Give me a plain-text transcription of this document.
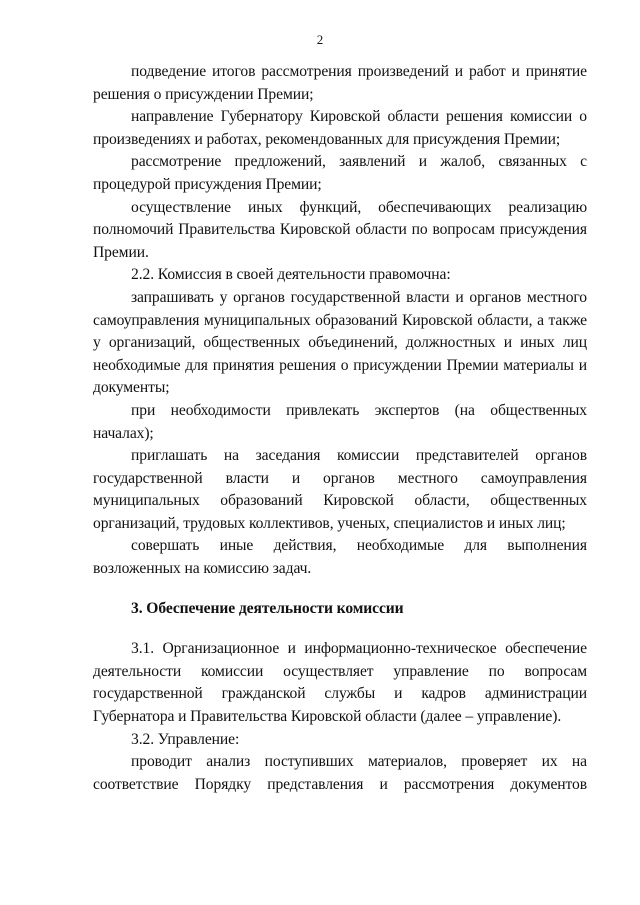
2

подведение итогов рассмотрения произведений и работ и принятие решения о присуждении Премии;

направление Губернатору Кировской области решения комиссии о произведениях и работах, рекомендованных для присуждения Премии;

рассмотрение предложений, заявлений и жалоб, связанных с процедурой присуждения Премии;

осуществление иных функций, обеспечивающих реализацию полномочий Правительства Кировской области по вопросам присуждения Премии.

2.2. Комиссия в своей деятельности правомочна:

запрашивать у органов государственной власти и органов местного самоуправления муниципальных образований Кировской области, а также у организаций, общественных объединений, должностных и иных лиц необходимые для принятия решения о присуждении Премии материалы и документы;

при необходимости привлекать экспертов (на общественных началах);

приглашать на заседания комиссии представителей органов государственной власти и органов местного самоуправления муниципальных образований Кировской области, общественных организаций, трудовых коллективов, ученых, специалистов и иных лиц;

совершать иные действия, необходимые для выполнения возложенных на комиссию задач.

3. Обеспечение деятельности комиссии

3.1. Организационное и информационно-техническое обеспечение деятельности комиссии осуществляет управление по вопросам государственной гражданской службы и кадров администрации Губернатора и Правительства Кировской области (далее – управление).

3.2. Управление:

проводит анализ поступивших материалов, проверяет их на соответствие Порядку представления и рассмотрения документов
